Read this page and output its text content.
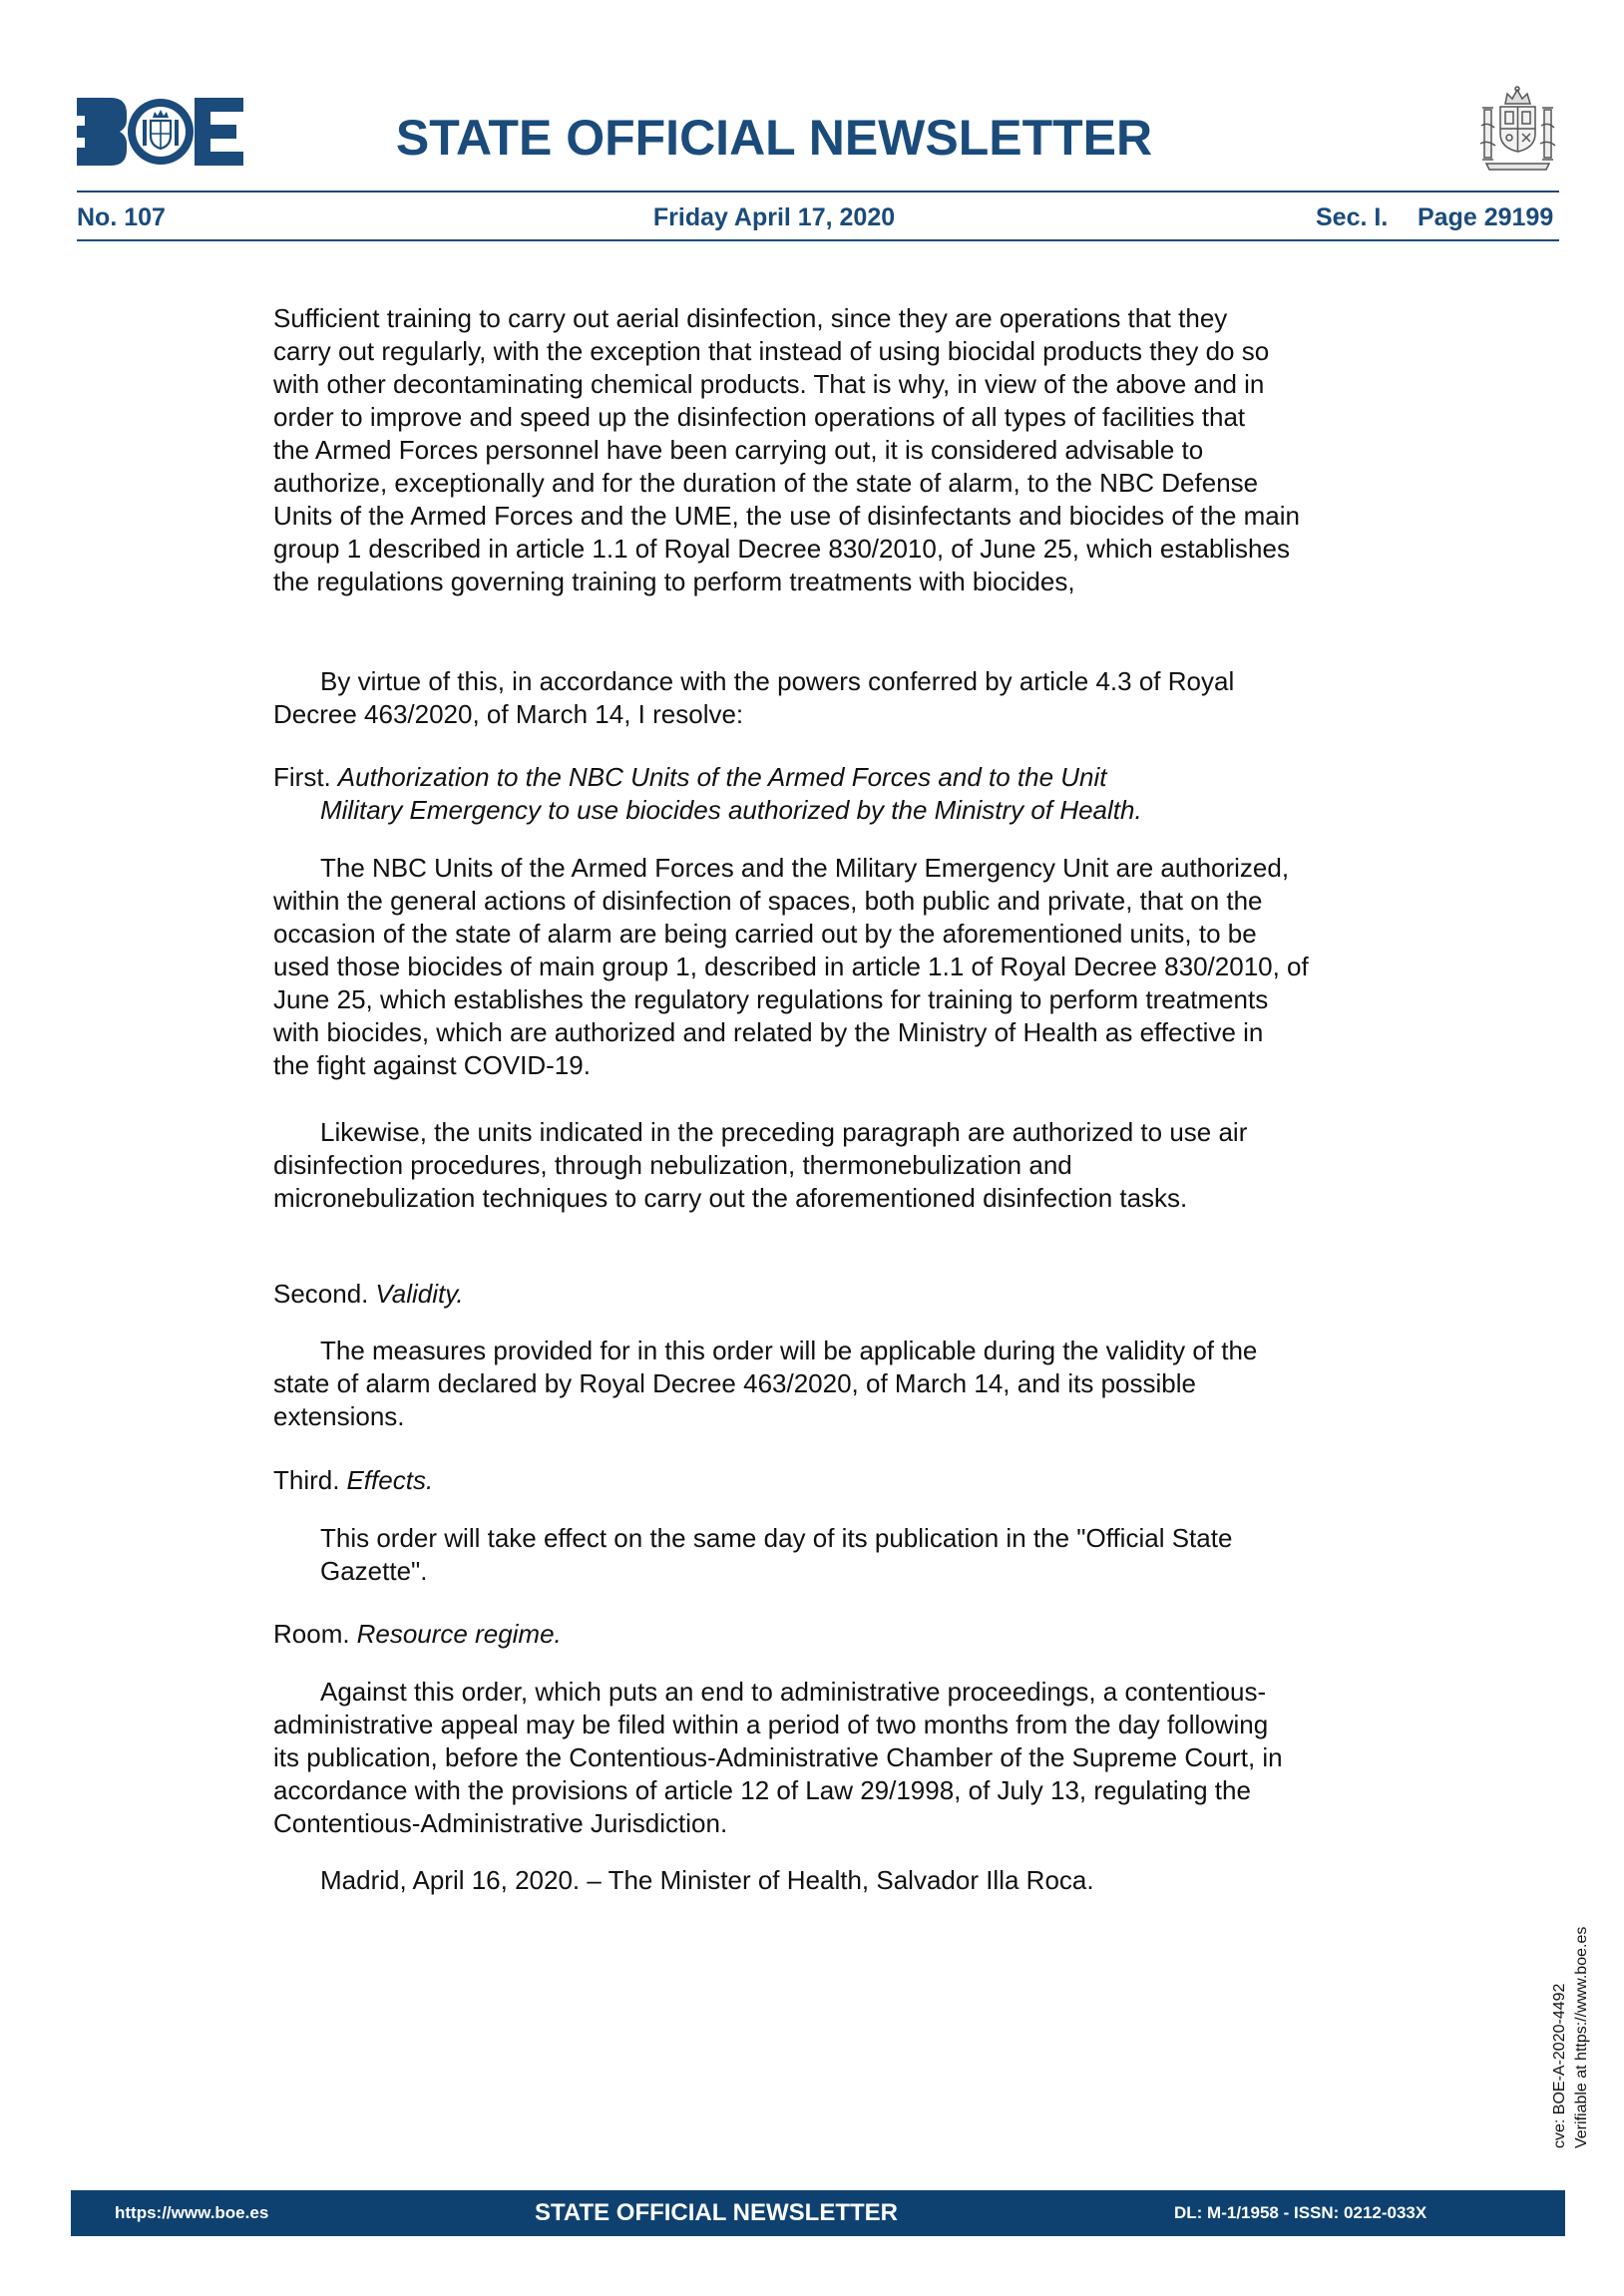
STATE OFFICIAL NEWSLETTER
No. 107	Friday April 17, 2020	Sec. I. Page 29199
Sufficient training to carry out aerial disinfection, since they are operations that they
carry out regularly, with the exception that instead of using biocidal products they do so
with other decontaminating chemical products. That is why, in view of the above and in
order to improve and speed up the disinfection operations of all types of facilities that
the Armed Forces personnel have been carrying out, it is considered advisable to
authorize, exceptionally and for the duration of the state of alarm, to the NBC Defense
Units of the Armed Forces and the UME, the use of disinfectants and biocides of the main
group 1 described in article 1.1 of Royal Decree 830/2010, of June 25, which establishes
the regulations governing training to perform treatments with biocides,
By virtue of this, in accordance with the powers conferred by article 4.3 of Royal
Decree 463/2020, of March 14, I resolve:
First. Authorization to the NBC Units of the Armed Forces and to the Unit
Military Emergency to use biocides authorized by the Ministry of Health.
The NBC Units of the Armed Forces and the Military Emergency Unit are authorized,
within the general actions of disinfection of spaces, both public and private, that on the
occasion of the state of alarm are being carried out by the aforementioned units, to be
used those biocides of main group 1, described in article 1.1 of Royal Decree 830/2010, of
June 25, which establishes the regulatory regulations for training to perform treatments
with biocides, which are authorized and related by the Ministry of Health as effective in
the fight against COVID-19.
Likewise, the units indicated in the preceding paragraph are authorized to use air
disinfection procedures, through nebulization, thermonebulization and
micronebulization techniques to carry out the aforementioned disinfection tasks.
Second. Validity.
The measures provided for in this order will be applicable during the validity of the
state of alarm declared by Royal Decree 463/2020, of March 14, and its possible
extensions.
Third. Effects.
This order will take effect on the same day of its publication in the "Official State
Gazette".
Room. Resource regime.
Against this order, which puts an end to administrative proceedings, a contentious-
administrative appeal may be filed within a period of two months from the day following
its publication, before the Contentious-Administrative Chamber of the Supreme Court, in
accordance with the provisions of article 12 of Law 29/1998, of July 13, regulating the
Contentious-Administrative Jurisdiction.
Madrid, April 16, 2020. – The Minister of Health, Salvador Illa Roca.
cve: BOE-A-2020-4492 Verifiable at https://www.boe.es
https://www.boe.es	STATE OFFICIAL NEWSLETTER	DL: M-1/1958 - ISSN: 0212-033X
